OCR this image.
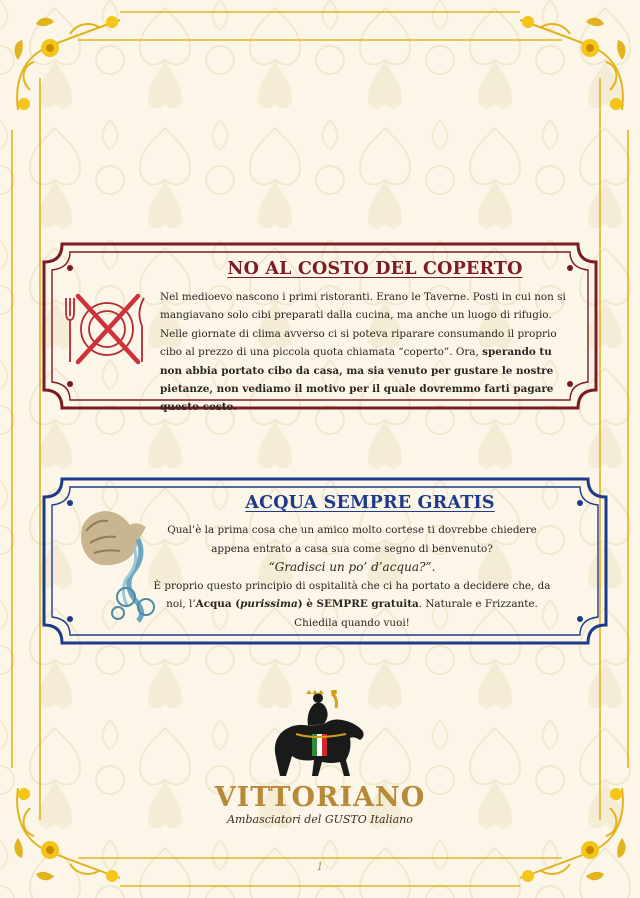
NO AL COSTO DEL COPERTO

Nel medioevo nascono i primi ristoranti. Erano le Taverne. Posti in cui non si mangiavano solo cibi preparati dalla cucina, ma anche un luogo di rifugio. Nelle giornate di clima avverso ci si poteva riparare consumando il proprio cibo al prezzo di una piccola quota chiamata “coperto”. Ora, sperando tu non abbia portato cibo da casa, ma sia venuto per gustare le nostre pietanze, non vediamo il motivo per il quale dovremmo farti pagare questo costo.

ACQUA SEMPRE GRATIS
Qual’è la prima cosa che un amico molto cortese ti dovrebbe chiedere appena entrato a casa sua come segno di benvenuto?
“Gradisci un po’ d’acqua?”.
È proprio questo principio di ospitalità che ci ha portato a decidere che, da noi, l’Acqua (purissima) è SEMPRE gratuita. Naturale e Frizzante.
Chiedila quando vuoi!

VITTORIANO

Ambasciatori del GUSTO Italiano

1
